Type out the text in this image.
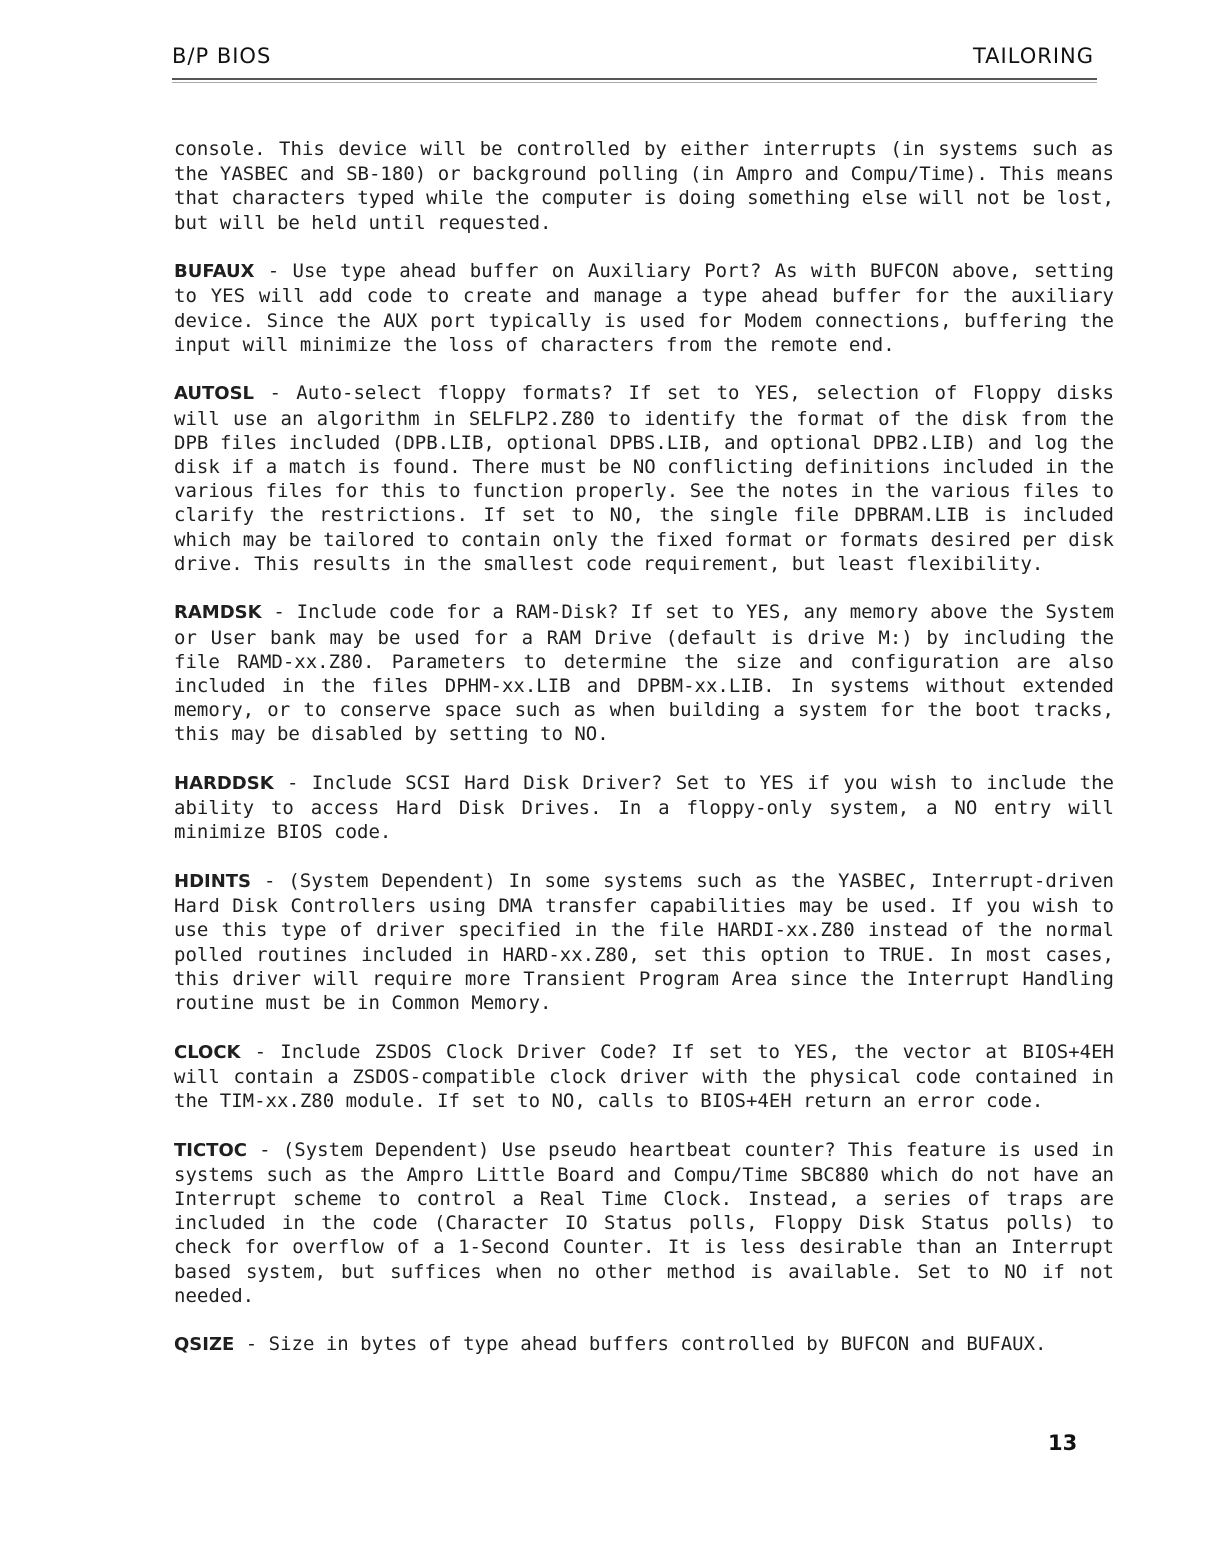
B/P BIOS	TAILORING

console. This device will be controlled by either interrupts (in systems such as the YASBEC and SB-180) or background polling (in Ampro and Compu/Time). This means that characters typed while the computer is doing something else will not be lost, but will be held until requested.

BUFAUX - Use type ahead buffer on Auxiliary Port? As with BUFCON above, setting to YES will add code to create and manage a type ahead buffer for the auxiliary device. Since the AUX port typically is used for Modem connections, buffering the input will minimize the loss of characters from the remote end.

AUTOSL - Auto-select floppy formats? If set to YES, selection of Floppy disks will use an algorithm in SELFLP2.Z80 to identify the format of the disk from the DPB files included (DPB.LIB, optional DPBS.LIB, and optional DPB2.LIB) and log the disk if a match is found. There must be NO conflicting definitions included in the various files for this to function properly. See the notes in the various files to clarify the restrictions. If set to NO, the single file DPBRAM.LIB is included which may be tailored to contain only the fixed format or formats desired per disk drive. This results in the smallest code requirement, but least flexibility.

RAMDSK - Include code for a RAM-Disk? If set to YES, any memory above the System or User bank may be used for a RAM Drive (default is drive M:) by including the file RAMD-xx.Z80. Parameters to determine the size and configuration are also included in the files DPHM-xx.LIB and DPBM-xx.LIB. In systems without extended memory, or to conserve space such as when building a system for the boot tracks, this may be disabled by setting to NO.

HARDDSK - Include SCSI Hard Disk Driver? Set to YES if you wish to include the ability to access Hard Disk Drives. In a floppy-only system, a NO entry will minimize BIOS code.

HDINTS - (System Dependent) In some systems such as the YASBEC, Interrupt-driven Hard Disk Controllers using DMA transfer capabilities may be used. If you wish to use this type of driver specified in the file HARDI-xx.Z80 instead of the normal polled routines included in HARD-xx.Z80, set this option to TRUE. In most cases, this driver will require more Transient Program Area since the Interrupt Handling routine must be in Common Memory.

CLOCK - Include ZSDOS Clock Driver Code? If set to YES, the vector at BIOS+4EH will contain a ZSDOS-compatible clock driver with the physical code contained in the TIM-xx.Z80 module. If set to NO, calls to BIOS+4EH return an error code.

TICTOC - (System Dependent) Use pseudo heartbeat counter? This feature is used in systems such as the Ampro Little Board and Compu/Time SBC880 which do not have an Interrupt scheme to control a Real Time Clock. Instead, a series of traps are included in the code (Character IO Status polls, Floppy Disk Status polls) to check for overflow of a 1-Second Counter. It is less desirable than an Interrupt based system, but suffices when no other method is available. Set to NO if not needed.

QSIZE - Size in bytes of type ahead buffers controlled by BUFCON and BUFAUX.

13
